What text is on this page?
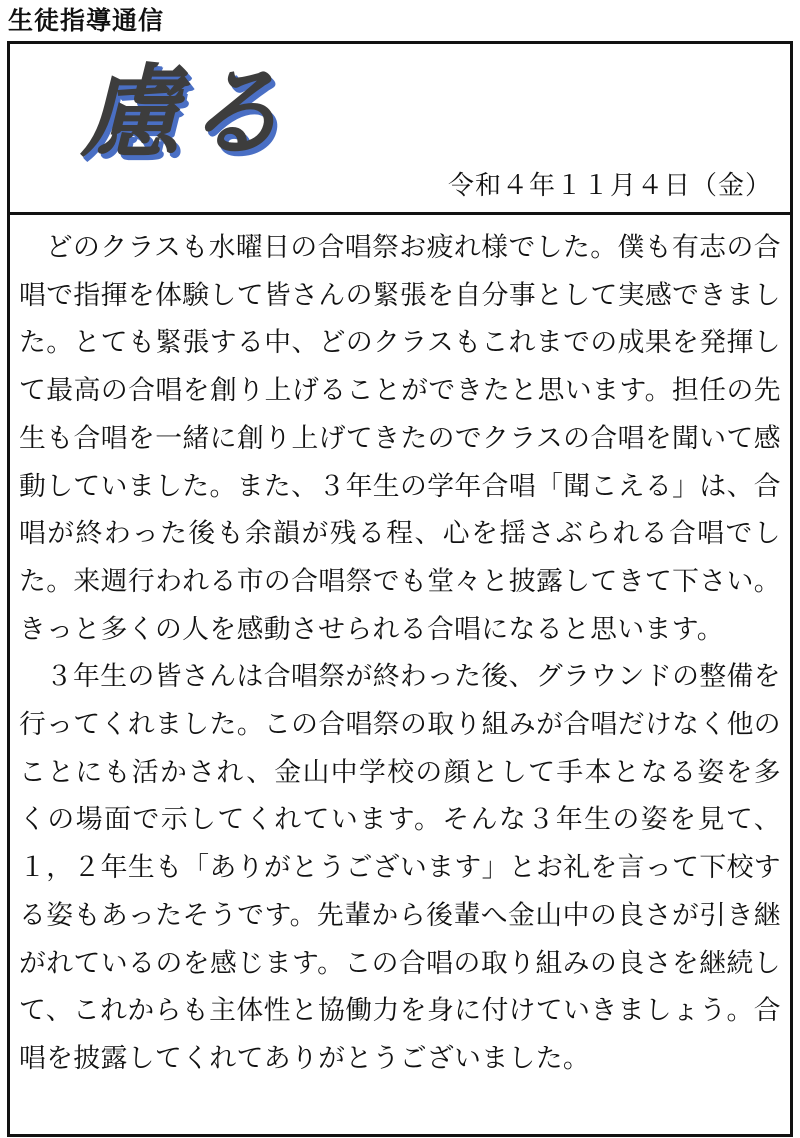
生徒指導通信
慮る
令和４年１１月４日（金）

どのクラスも水曜日の合唱祭お疲れ様でした。僕も有志の合唱で指揮を体験して皆さんの緊張を自分事として実感できました。とても緊張する中、どのクラスもこれまでの成果を発揮して最高の合唱を創り上げることができたと思います。担任の先生も合唱を一緒に創り上げてきたのでクラスの合唱を聞いて感動していました。また、３年生の学年合唱「聞こえる」は、合唱が終わった後も余韻が残る程、心を揺さぶられる合唱でした。来週行われる市の合唱祭でも堂々と披露してきて下さい。きっと多くの人を感動させられる合唱になると思います。

３年生の皆さんは合唱祭が終わった後、グラウンドの整備を行ってくれました。この合唱祭の取り組みが合唱だけなく他のことにも活かされ、金山中学校の顔として手本となる姿を多くの場面で示してくれています。そんな３年生の姿を見て、１，２年生も「ありがとうございます」とお礼を言って下校する姿もあったそうです。先輩から後輩へ金山中の良さが引き継がれているのを感じます。この合唱の取り組みの良さを継続して、これからも主体性と協働力を身に付けていきましょう。合唱を披露してくれてありがとうございました。
